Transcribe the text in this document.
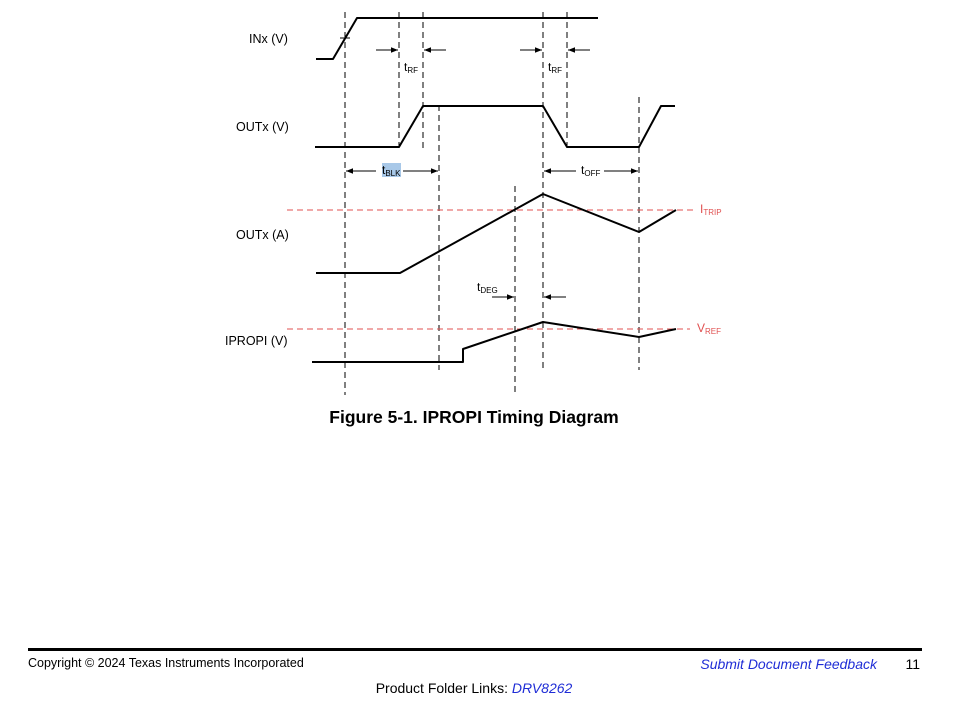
INx (V)
OUTx (V)
OUTx (A)
IPROPI (V)
tRF	tRF
tBLK	tOFF
tDEG
ITRIP
VREF
Figure 5-1. IPROPI Timing Diagram
Copyright © 2024 Texas Instruments Incorporated	Submit Document Feedback 11
Product Folder Links: DRV8262
